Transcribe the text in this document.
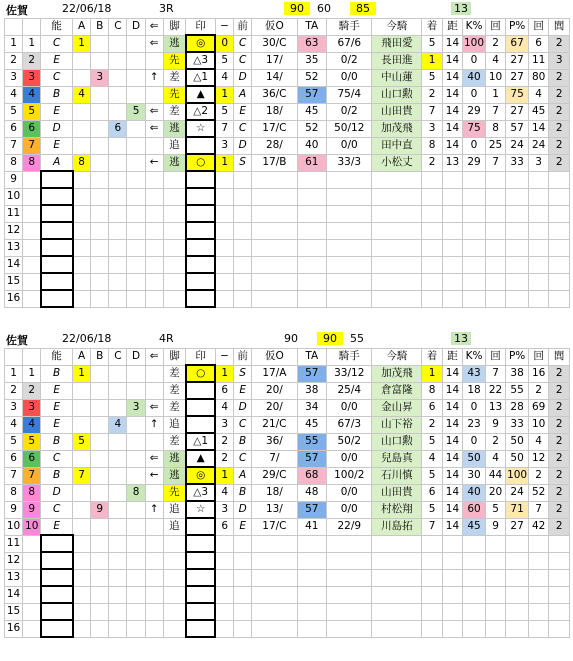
佐賀	22/06/18	3R	90	60	85	13
		能	A	B	C	D	⇐	脚	印	−	前	仮O	TA	騎手	今騎	着	距	K%	回	P%	回	閭
1	1	C	1				⇐	逃	◎	0	C	30/C	63	67/6	飛田愛	5	14	100	2	67	6	2
2	2	E						先	△3	5	C	17/	35	0/2	長田進	1	14	0	4	27	11	3
3	3	C		3			↑	差	△1	4	D	14/	52	0/0	中山蓮	5	14	40	10	27	80	2
4	4	B	4					先	▲	1	A	36/C	57	75/4	山口勲	2	14	0	1	75	4	2
5	5	E				5	⇐	差	△2	5	E	18/	45	0/2	山田貴	7	14	29	7	27	45	2
6	6	D			6		⇐	逃	☆	7	C	17/C	52	50/12	加茂飛	3	14	75	8	57	14	2
7	7	E						追		3	D	28/	40	0/0	田中直	8	14	0	25	24	24	2
8	8	A	8				←	逃	○	1	S	17/B	61	33/3	小松丈	2	13	29	7	33	3	2
9																						
10																						
11																						
12																						
13																						
14																						
15																						
16																						
佐賀	22/06/18	4R	90	90	55	13
		能	A	B	C	D	⇐	脚	印	−	前	仮O	TA	騎手	今騎	着	距	K%	回	P%	回	閭
1	1	B	1					差	○	1	S	17/A	57	33/12	加茂飛	1	14	43	7	38	16	2
2	2	E						差		6	E	20/	38	25/4	倉富隆	8	14	18	22	55	2	2
3	3	E				3	⇐	差		4	D	20/	34	0/0	金山昇	6	14	0	13	28	69	2
4	4	E			4		↑	追		3	C	21/C	45	67/3	山下裕	2	14	23	9	33	10	2
5	5	B	5					差	△1	2	B	36/	55	50/2	山口勲	5	14	0	2	50	4	2
6	6	C					⇐	逃	▲	2	C	7/	57	0/0	兒島真	4	14	50	4	50	12	2
7	7	B	7				←	逃	◎	1	A	29/C	68	100/2	石川慎	5	14	30	44	100	2	2
8	8	D				8		先	△3	4	B	18/	48	0/0	山田貴	6	14	40	20	24	52	2
9	9	C		9			↑	追	☆	3	D	13/	57	0/0	村松翔	5	14	60	5	71	7	2
10	10	E						追		6	E	17/C	41	22/9	川島拓	7	14	45	9	27	42	2
11																						
12																						
13																						
14																						
15																						
16																						
